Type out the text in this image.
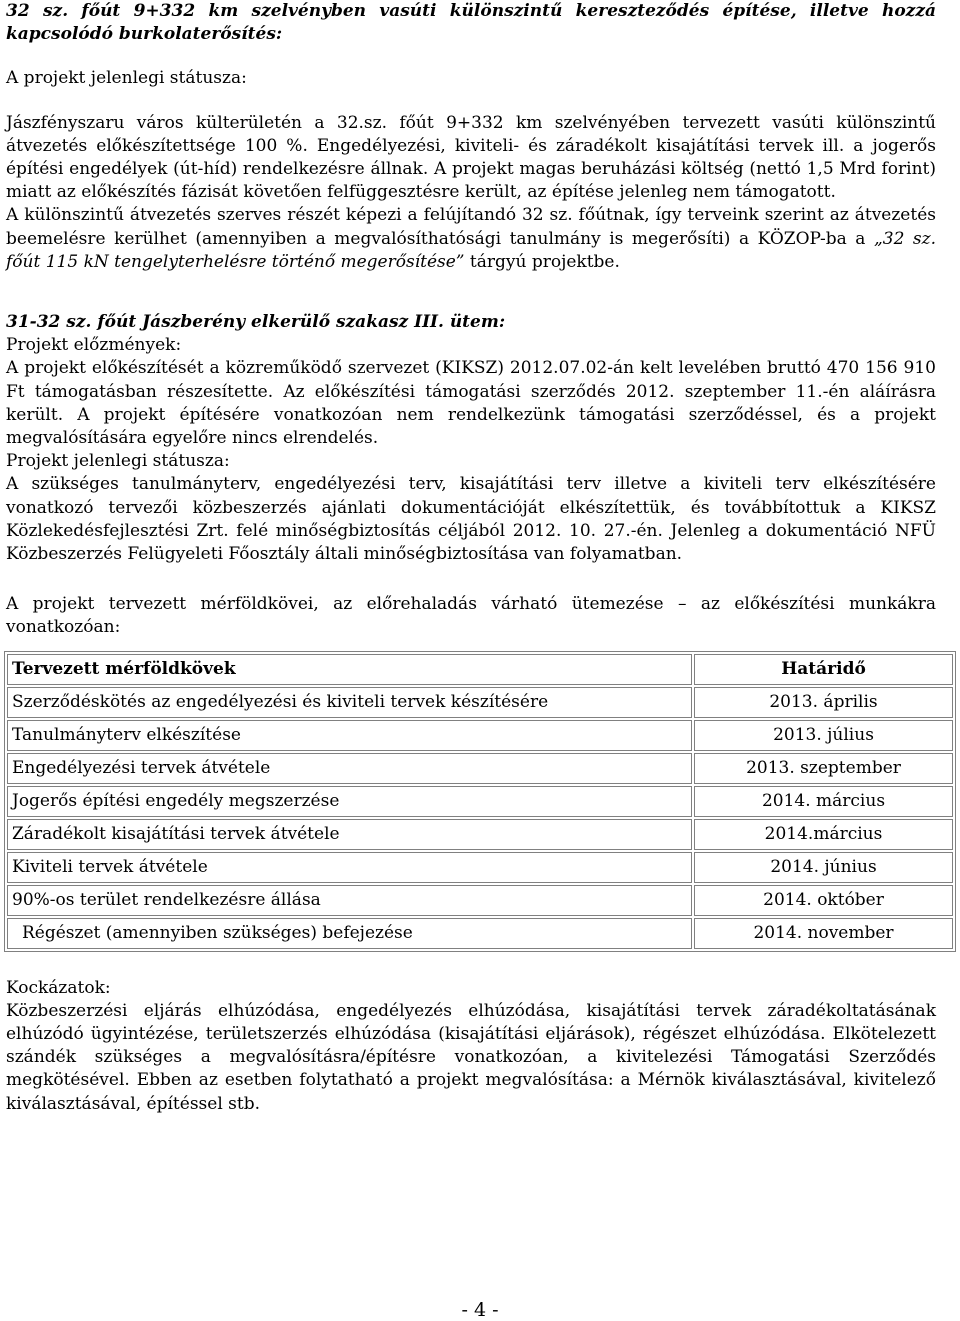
32 sz. főút 9+332 km szelvényben vasúti különszintű kereszteződés építése, illetve hozzá kapcsolódó burkolaterősítés:

A projekt jelenlegi státusza:

Jászfényszaru város külterületén a 32.sz. főút 9+332 km szelvényében tervezett vasúti különszintű átvezetés előkészítettsége 100 %. Engedélyezési, kiviteli- és záradékolt kisajátítási tervek ill. a jogerős építési engedélyek (út-híd) rendelkezésre állnak. A projekt magas beruházási költség (nettó 1,5 Mrd forint) miatt az előkészítés fázisát követően felfüggesztésre került, az építése jelenleg nem támogatott.

A különszintű átvezetés szerves részét képezi a felújítandó 32 sz. főútnak, így terveink szerint az átvezetés beemelésre kerülhet (amennyiben a megvalósíthatósági tanulmány is megerősíti) a KÖZOP-ba a „32 sz. főút 115 kN tengelyterhelésre történő megerősítése” tárgyú projektbe.

31-32 sz. főút Jászberény elkerülő szakasz III. ütem:

Projekt előzmények:

A projekt előkészítését a közreműködő szervezet (KIKSZ) 2012.07.02-án kelt levelében bruttó 470 156 910 Ft támogatásban részesítette. Az előkészítési támogatási szerződés 2012. szeptember 11.-én aláírásra került. A projekt építésére vonatkozóan nem rendelkezünk támogatási szerződéssel, és a projekt megvalósítására egyelőre nincs elrendelés.

Projekt jelenlegi státusza:

A szükséges tanulmányterv, engedélyezési terv, kisajátítási terv illetve a kiviteli terv elkészítésére vonatkozó tervezői közbeszerzés ajánlati dokumentációját elkészítettük, és továbbítottuk a KIKSZ Közlekedésfejlesztési Zrt. felé minőségbiztosítás céljából 2012. 10. 27.-én. Jelenleg a dokumentáció NFÜ Közbeszerzés Felügyeleti Főosztály általi minőségbiztosítása van folyamatban.

A projekt tervezett mérföldkövei, az előrehaladás várható ütemezése – az előkészítési munkákra vonatkozóan:

Tervezett mérföldkövek	Határidő
Szerződéskötés az engedélyezési és kiviteli tervek készítésére	2013. április
Tanulmányterv elkészítése	2013. július
Engedélyezési tervek átvétele	2013. szeptember
Jogerős építési engedély megszerzése	2014. március
Záradékolt kisajátítási tervek átvétele	2014.március
Kiviteli tervek átvétele	2014. június
90%-os terület rendelkezésre állása	2014. október
Régészet (amennyiben szükséges) befejezése	2014. november

Kockázatok:

Közbeszerzési eljárás elhúzódása, engedélyezés elhúzódása, kisajátítási tervek záradékoltatásának elhúzódó ügyintézése, területszerzés elhúzódása (kisajátítási eljárások), régészet elhúzódása. Elkötelezett szándék szükséges a megvalósításra/építésre vonatkozóan, a kivitelezési Támogatási Szerződés megkötésével. Ebben az esetben folytatható a projekt megvalósítása: a Mérnök kiválasztásával, kivitelező kiválasztásával, építéssel stb.

- 4 -
